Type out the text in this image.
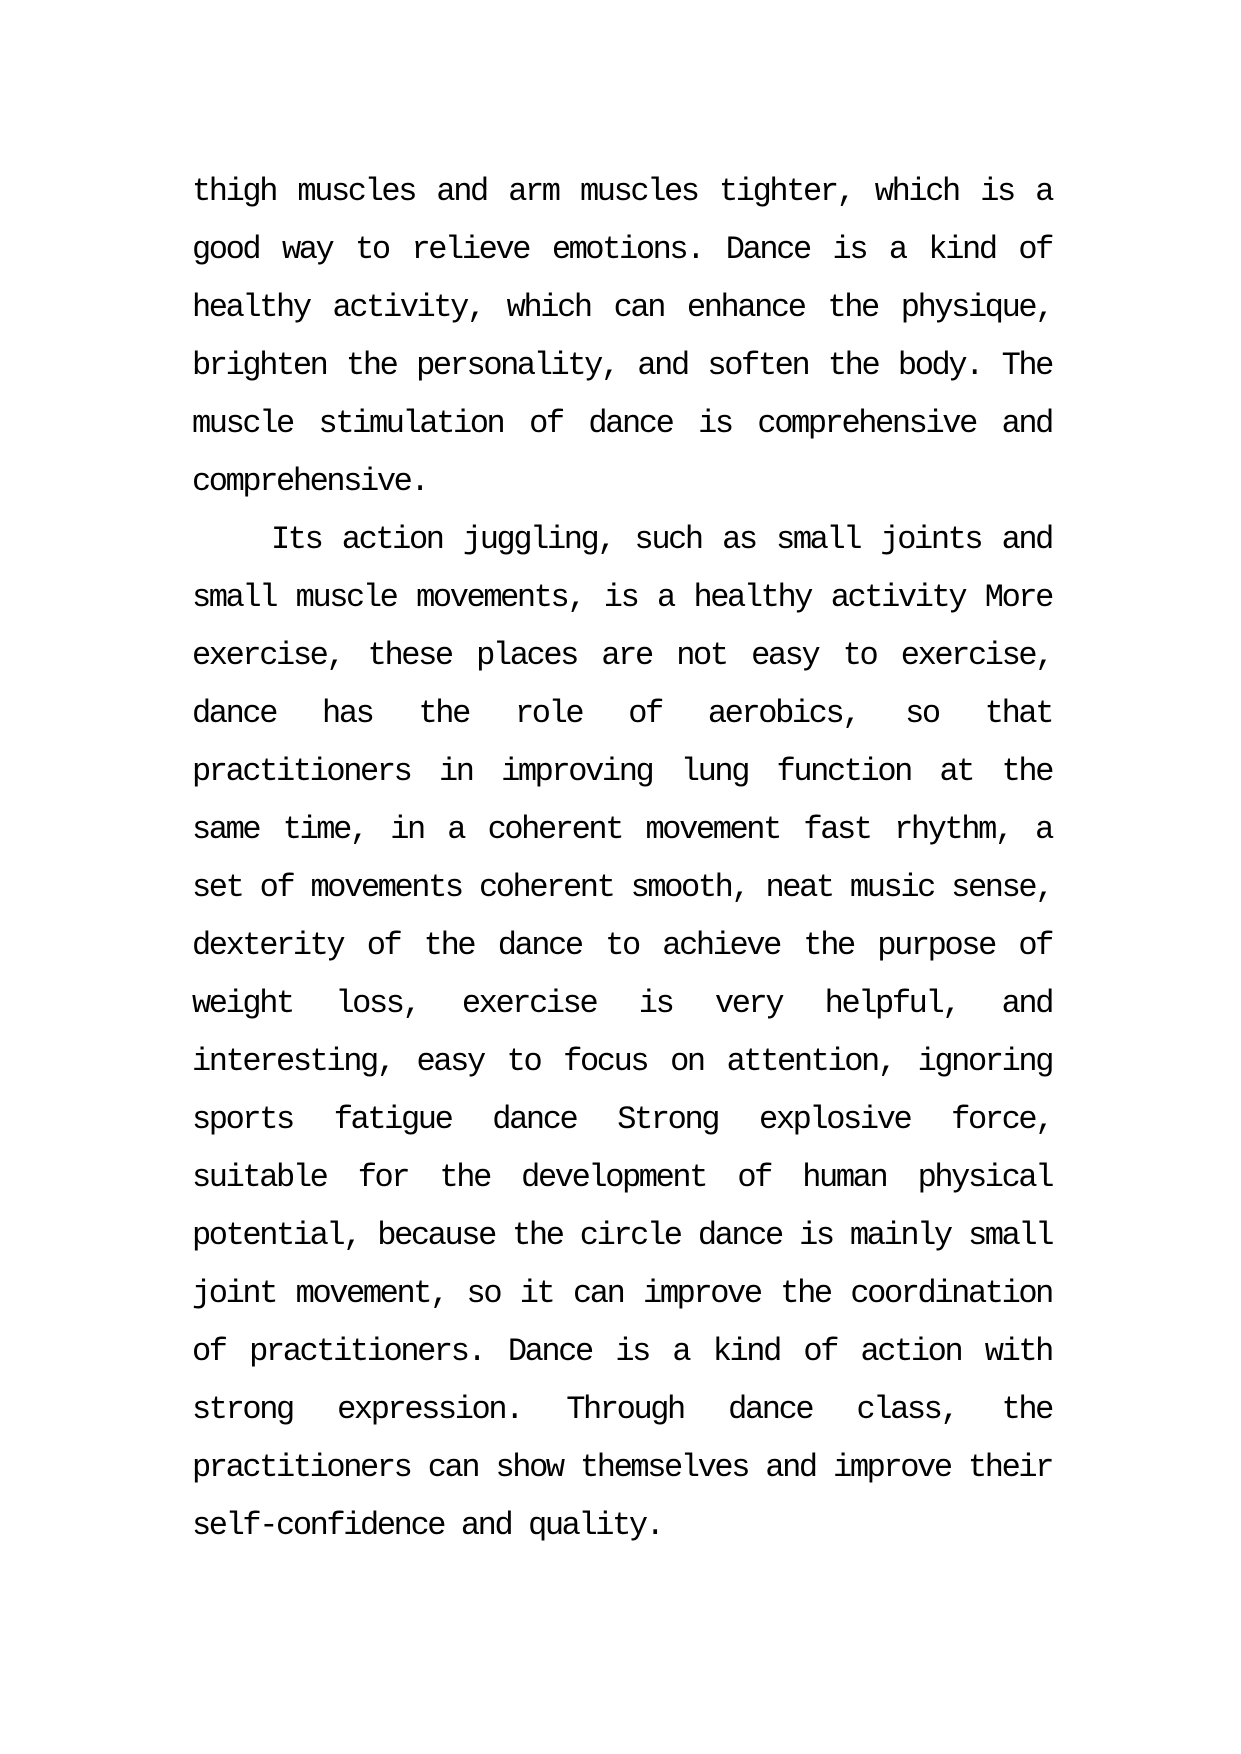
thigh muscles and arm muscles tighter, which is a good way to relieve emotions. Dance is a kind of healthy activity, which can enhance the physique, brighten the personality, and soften the body. The muscle stimulation of dance is comprehensive and comprehensive.

Its action juggling, such as small joints and small muscle movements, is a healthy activity More exercise, these places are not easy to exercise, dance has the role of aerobics, so that practitioners in improving lung function at the same time, in a coherent movement fast rhythm, a set of movements coherent smooth, neat music sense, dexterity of the dance to achieve the purpose of weight loss, exercise is very helpful, and interesting, easy to focus on attention, ignoring sports fatigue dance Strong explosive force, suitable for the development of human physical potential, because the circle dance is mainly small joint movement, so it can improve the coordination of practitioners. Dance is a kind of action with strong expression. Through dance class, the practitioners can show themselves and improve their self-confidence and quality.
